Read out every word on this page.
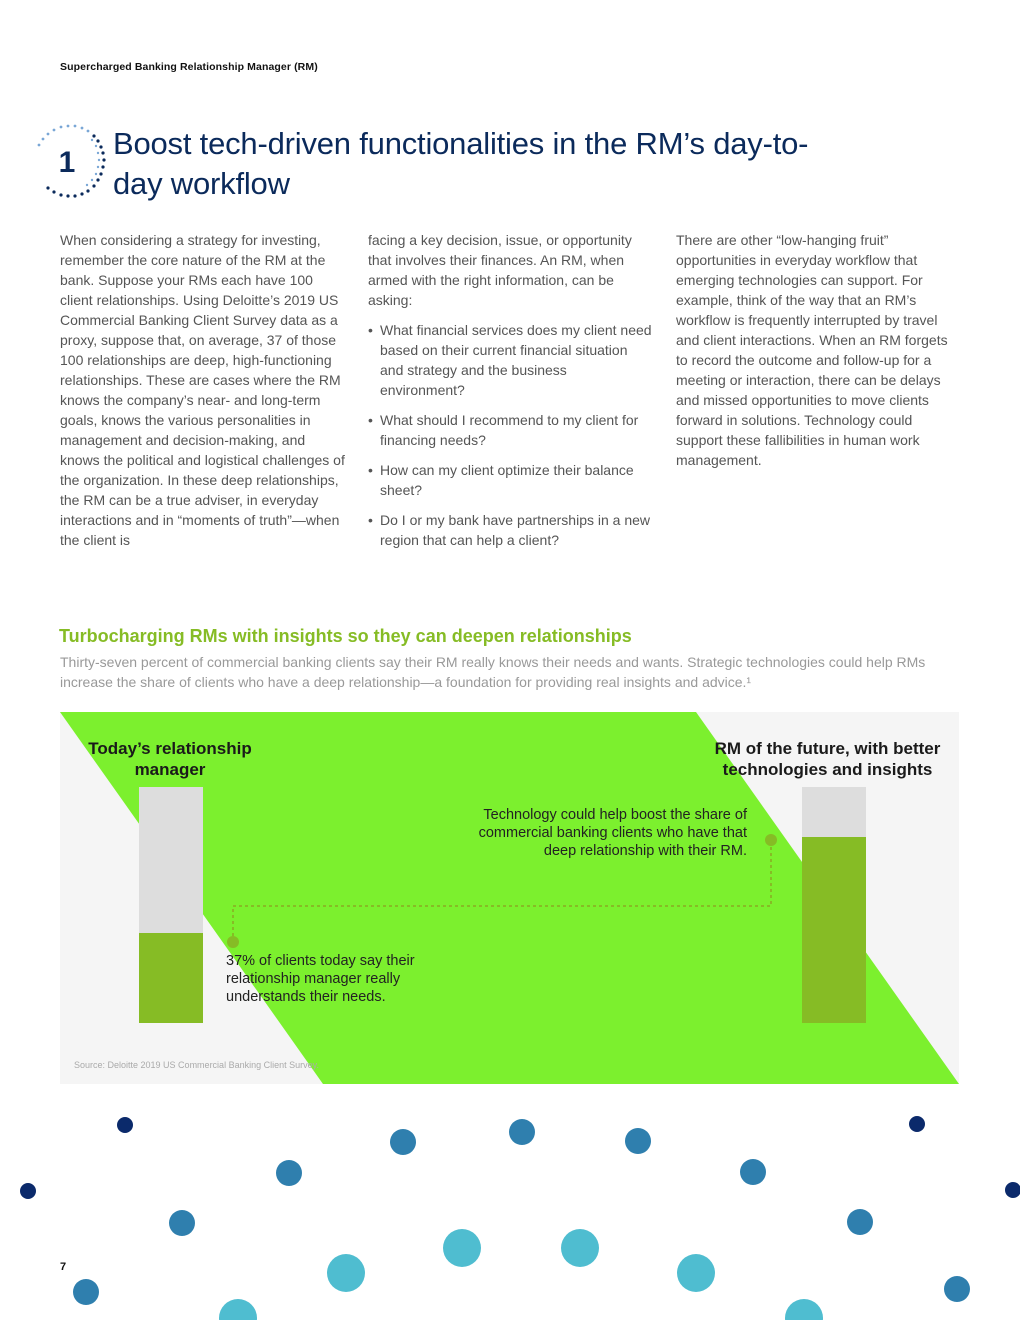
Supercharged Banking Relationship Manager (RM)
1
Boost tech-driven functionalities in the RM’s day-to-day workflow

When considering a strategy for investing, remember the core nature of the RM at the bank. Suppose your RMs each have 100 client relationships. Using Deloitte’s 2019 US Commercial Banking Client Survey data as a proxy, suppose that, on average, 37 of those 100 relationships are deep, high-functioning relationships. These are cases where the RM knows the company’s near- and long-term goals, knows the various personalities in management and decision-making, and knows the political and logistical challenges of the organization. In these deep relationships, the RM can be a true adviser, in everyday interactions and in “moments of truth”—when the client is

facing a key decision, issue, or opportunity that involves their finances. An RM, when armed with the right information, can be asking:

• What financial services does my client need based on their current financial situation and strategy and the business environment?
• What should I recommend to my client for financing needs?
• How can my client optimize their balance sheet?
• Do I or my bank have partnerships in a new region that can help a client?

There are other “low-hanging fruit” opportunities in everyday workflow that emerging technologies can support. For example, think of the way that an RM’s workflow is frequently interrupted by travel and client interactions. When an RM forgets to record the outcome and follow-up for a meeting or interaction, there can be delays and missed opportunities to move clients forward in solutions. Technology could support these fallibilities in human work management.

Turbocharging RMs with insights so they can deepen relationships

Thirty-seven percent of commercial banking clients say their RM really knows their needs and wants. Strategic technologies could help RMs increase the share of clients who have a deep relationship—a foundation for providing real insights and advice.¹

Today’s relationship manager
RM of the future, with better technologies and insights
37% of clients today say their relationship manager really understands their needs.
Technology could help boost the share of commercial banking clients who have that deep relationship with their RM.
Source: Deloitte 2019 US Commercial Banking Client Survey.
7
